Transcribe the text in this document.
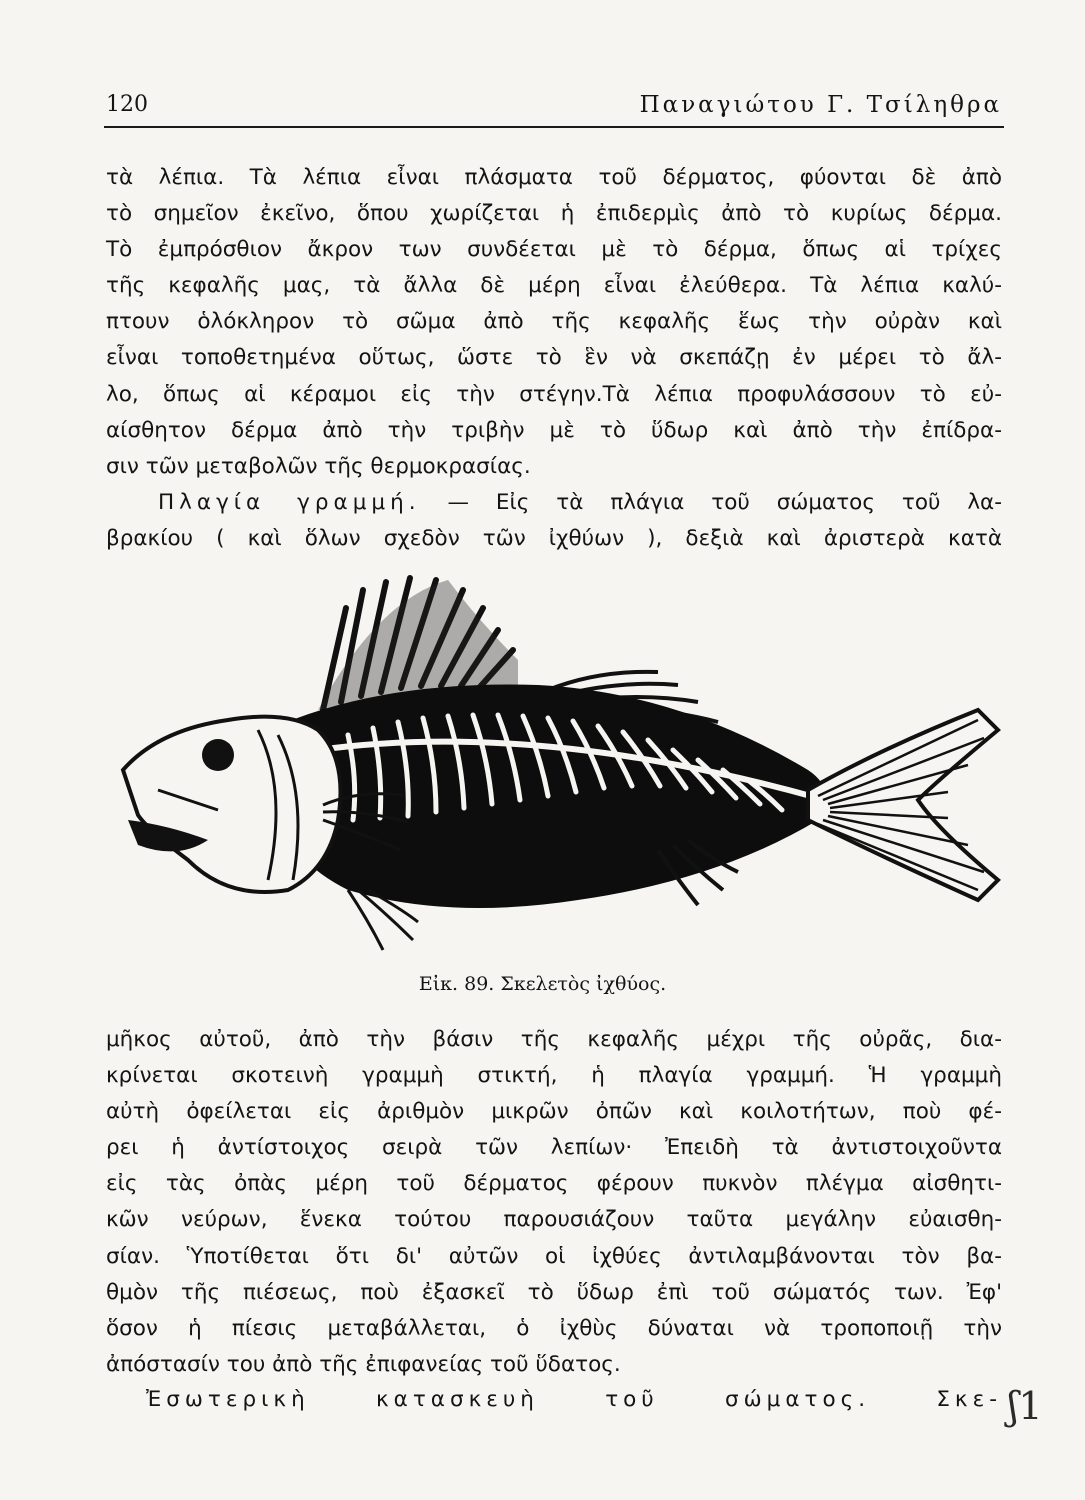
120	Παναγιώτου Γ. Τσίληθρα
τὰ λέπια. Τὰ λέπια εἶναι πλάσματα τοῦ δέρματος, φύονται δὲ ἀπὸ
τὸ σημεῖον ἐκεῖνο, ὅπου χωρίζεται ἡ ἐπιδερμὶς ἀπὸ τὸ κυρίως δέρμα.
Τὸ ἐμπρόσθιον ἄκρον των συνδέεται μὲ τὸ δέρμα, ὅπως αἱ τρίχες
τῆς κεφαλῆς μας, τὰ ἄλλα δὲ μέρη εἶναι ἐλεύθερα. Τὰ λέπια καλύ-
πτουν ὁλόκληρον τὸ σῶμα ἀπὸ τῆς κεφαλῆς ἕως τὴν οὐρὰν καὶ
εἶναι τοποθετημένα οὕτως, ὥστε τὸ ἓν νὰ σκεπάζῃ ἐν μέρει τὸ ἄλ-
λο, ὅπως αἱ κέραμοι εἰς τὴν στέγην.Τὰ λέπια προφυλάσσουν τὸ εὐ-
αίσθητον δέρμα ἀπὸ τὴν τριβὴν μὲ τὸ ὕδωρ καὶ ἀπὸ τὴν ἐπίδρα-
σιν τῶν μεταβολῶν τῆς θερμοκρασίας.
Πλαγία γραμμή. — Εἰς τὰ πλάγια τοῦ σώματος τοῦ λα-
βρακίου ( καὶ ὅλων σχεδὸν τῶν ἰχθύων ), δεξιὰ καὶ ἀριστερὰ κατὰ
Εἰκ. 89. Σκελετὸς ἰχθύος.
μῆκος αὐτοῦ, ἀπὸ τὴν βάσιν τῆς κεφαλῆς μέχρι τῆς οὐρᾶς, δια-
κρίνεται σκοτεινὴ γραμμὴ στικτή, ἡ πλαγία γραμμή. Ἡ γραμμὴ
αὐτὴ ὀφείλεται εἰς ἀριθμὸν μικρῶν ὀπῶν καὶ κοιλοτήτων, ποὺ φέ-
ρει ἡ ἀντίστοιχος σειρὰ τῶν λεπίων· Ἐπειδὴ τὰ ἀντιστοιχοῦντα
εἰς τὰς ὀπὰς μέρη τοῦ δέρματος φέρουν πυκνὸν πλέγμα αἰσθητι-
κῶν νεύρων, ἕνεκα τούτου παρουσιάζουν ταῦτα μεγάλην εὐαισθη-
σίαν. Ὑποτίθεται ὅτι δι' αὐτῶν οἱ ἰχθύες ἀντιλαμβάνονται τὸν βα-
θμὸν τῆς πιέσεως, ποὺ ἐξασκεῖ τὸ ὕδωρ ἐπὶ τοῦ σώματός των. Ἐφ'
ὅσον ἡ πίεσις μεταβάλλεται, ὁ ἰχθὺς δύναται νὰ τροποποιῇ τὴν
ἀπόστασίν του ἀπὸ τῆς ἐπιφανείας τοῦ ὕδατος.
Ἐσωτερικὴ κατασκευὴ τοῦ σώματος. Σκε- ʃ1
